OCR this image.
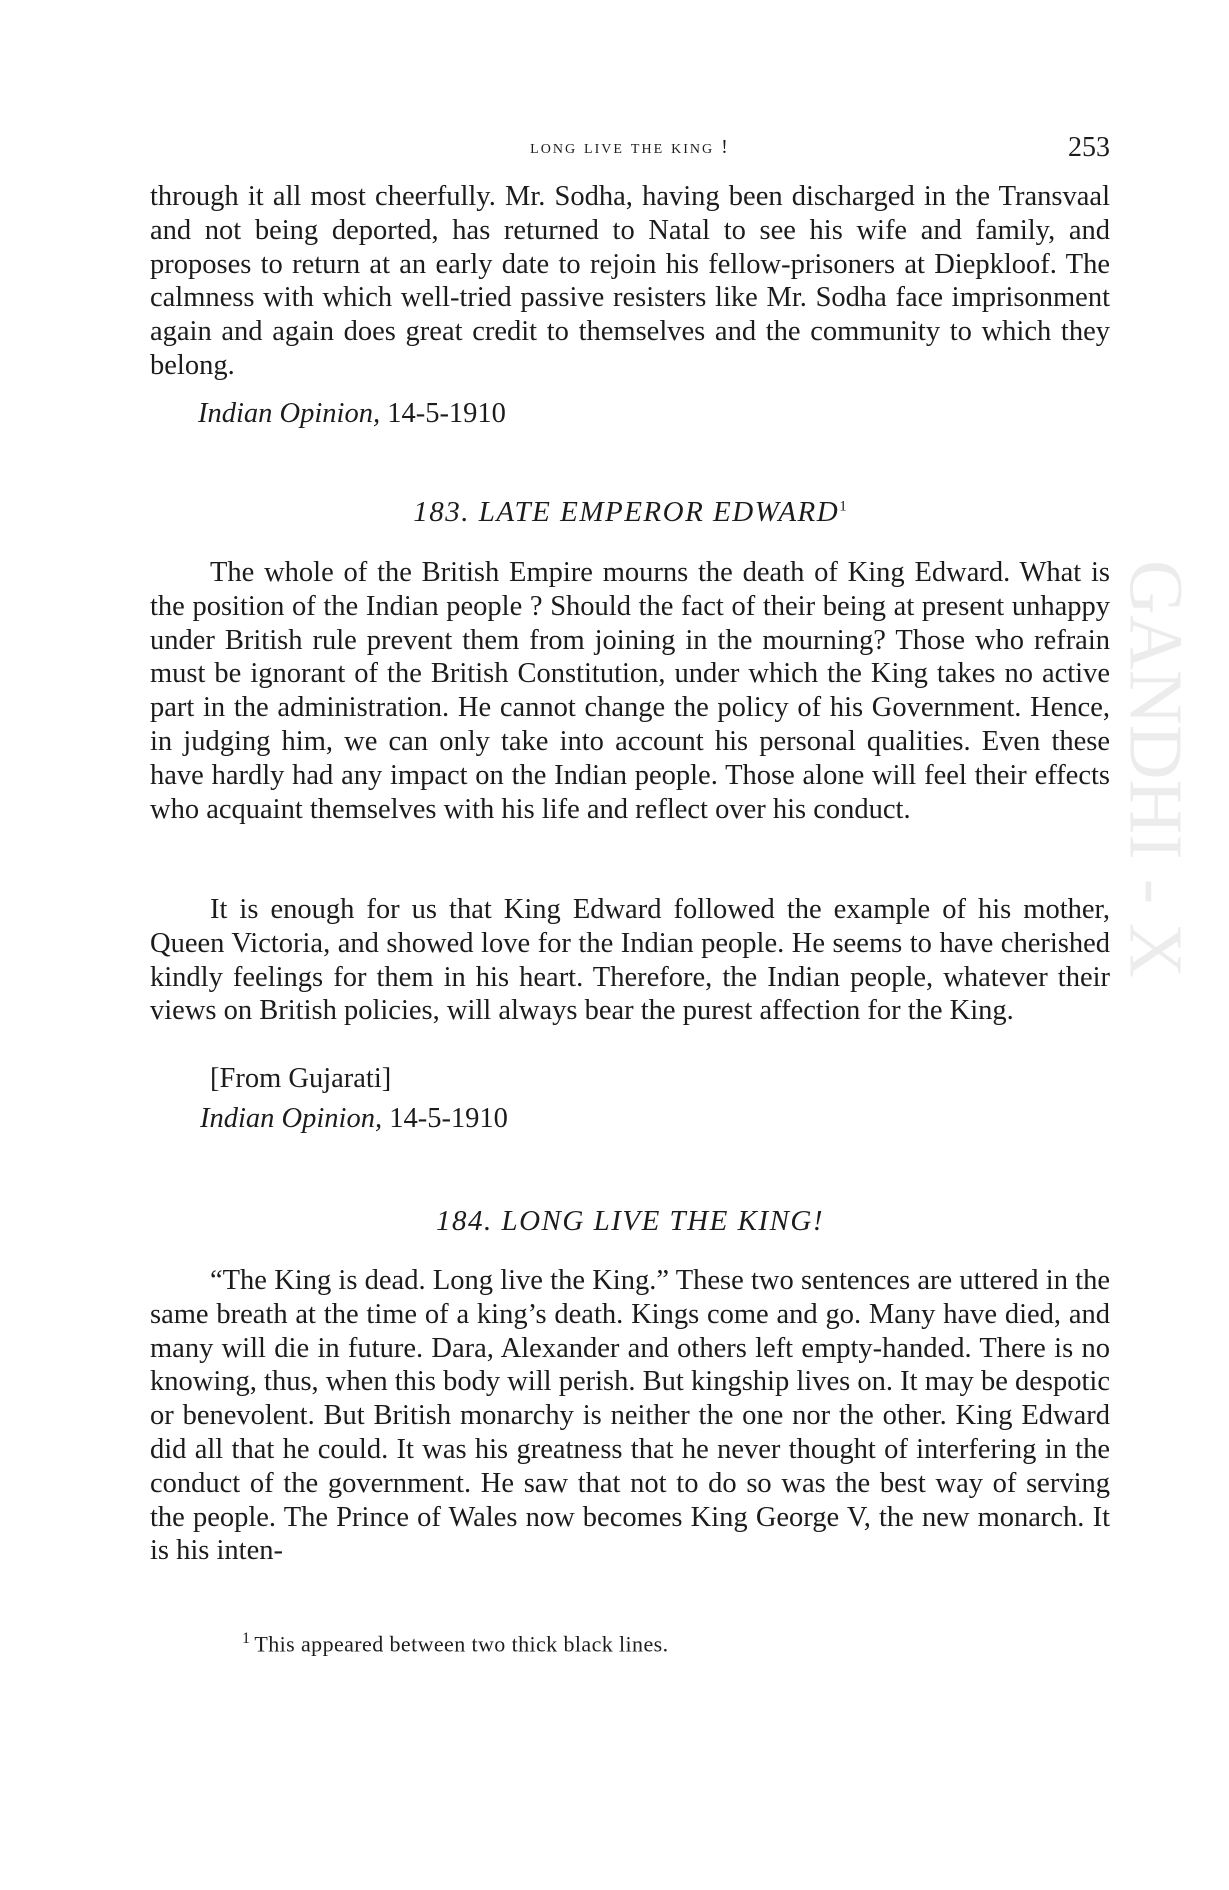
long live the king !	253

through it all most cheerfully. Mr. Sodha, having been discharged in the Transvaal and not being deported, has returned to Natal to see his wife and family, and proposes to return at an early date to rejoin his fellow-prisoners at Diepkloof. The calmness with which well-tried passive resisters like Mr. Sodha face imprisonment again and again does great credit to themselves and the community to which they belong.

Indian Opinion, 14-5-1910
183. LATE EMPEROR EDWARD$^1$

The whole of the British Empire mourns the death of King Edward. What is the position of the Indian people ? Should the fact of their being at present unhappy under British rule prevent them from joining in the mourning? Those who refrain must be ignorant of the British Constitution, under which the King takes no active part in the administration. He cannot change the policy of his Government. Hence, in judging him, we can only take into account his personal qualities. Even these have hardly had any impact on the Indian people. Those alone will feel their effects who acquaint themselves with his life and reflect over his conduct.

It is enough for us that King Edward followed the example of his mother, Queen Victoria, and showed love for the Indian people. He seems to have cherished kindly feelings for them in his heart. Therefore, the Indian people, whatever their views on British policies, will always bear the purest affection for the King.

[From Gujarati]
Indian Opinion, 14-5-1910
184. LONG LIVE THE KING!

“The King is dead. Long live the King.” These two sentences are uttered in the same breath at the time of a king’s death. Kings come and go. Many have died, and many will die in future. Dara, Alexander and others left empty-handed. There is no knowing, thus, when this body will perish. But kingship lives on. It may be despotic or benevolent. But British monarchy is neither the one nor the other. King Edward did all that he could. It was his greatness that he never thought of interfering in the conduct of the government. He saw that not to do so was the best way of serving the people. The Prince of Wales now becomes King George V, the new monarch. It is his inten-

$^1$ This appeared between two thick black lines.
GANDHI - X
